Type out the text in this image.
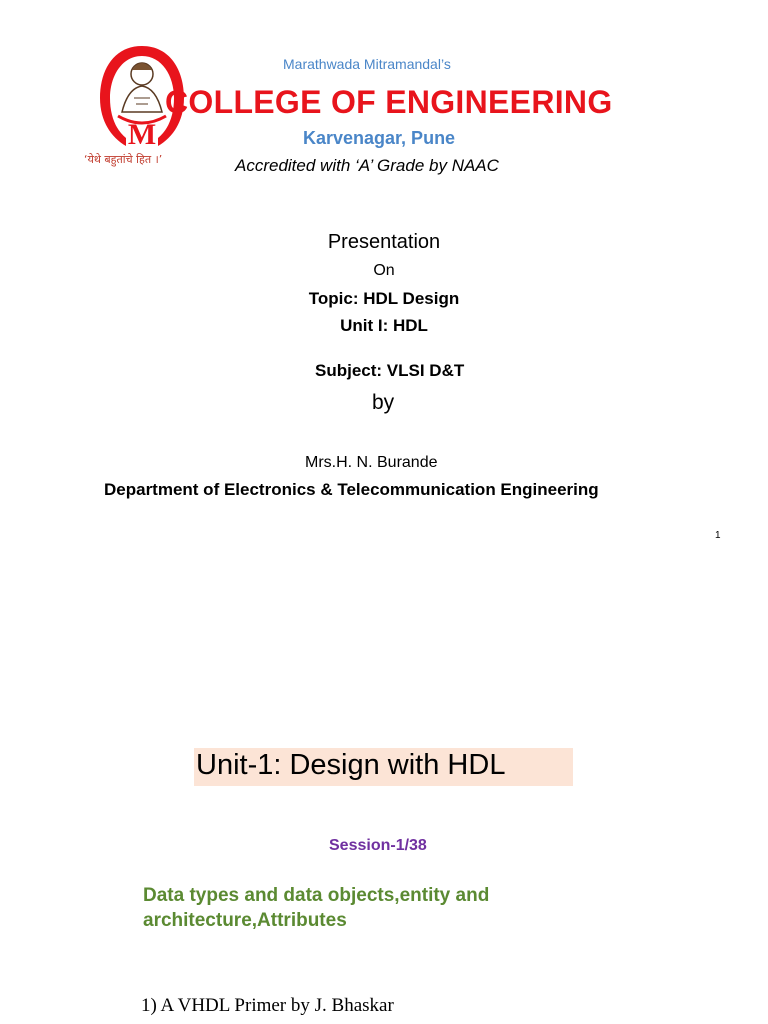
M
‘येथे बहुतांचे हित ।’
Marathwada Mitramandal’s
COLLEGE OF ENGINEERING
Karvenagar, Pune
Accredited with ‘A’ Grade by NAAC
Presentation
On
Topic: HDL Design
Unit I: HDL
Subject: VLSI D&T
by
Mrs.H. N. Burande
Department of Electronics & Telecommunication Engineering
1
Unit-1: Design with HDL
Session-1/38
Data types and data objects,entity and architecture,Attributes
1) A VHDL Primer by J. Bhaskar
